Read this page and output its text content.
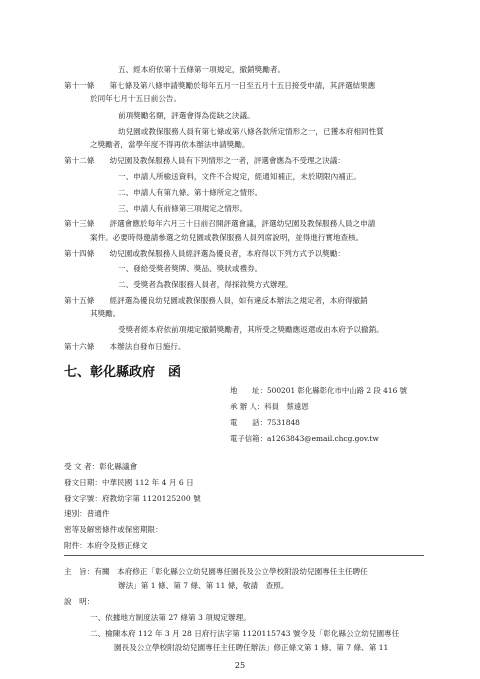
五、經本府依第十五條第一項規定，撤銷獎勵者。
第十一條　　第七條及第八條申請獎勵於每年五月一日至五月十五日接受申請，其評選結果應
於同年七月十五日前公告。
前項獎勵名額，評選會得為從缺之決議。
幼兒園或教保服務人員有第七條或第八條各款所定情形之一，已獲本府相同性質
之獎勵者，當學年度不得再依本辦法申請獎勵。
第十二條　　幼兒園及教保服務人員有下列情形之一者，評選會應為不受理之決議：
一、申請人所檢送資料，文件不合規定，經通知補正，未於期限內補正。
二、申請人有第九條、第十條所定之情形。
三、申請人有前條第三項規定之情形。
第十三條　　評選會應於每年六月三十日前召開評選會議，評選幼兒園及教保服務人員之申請
案件。必要時得邀請參選之幼兒園或教保服務人員列席說明，並得進行實地查核。
第十四條　　幼兒園或教保服務人員經評選為優良者，本府得以下列方式予以獎勵：
一、發給受獎者獎牌、獎品、獎狀或禮券。
二、受獎者為教保服務人員者，得採敘獎方式辦理。
第十五條　　經評選為優良幼兒園或教保服務人員，如有違反本辦法之規定者，本府得撤銷
其獎勵。
受獎者經本府依前項規定撤銷獎勵者，其所受之獎勵應返還或由本府予以撤銷。
第十六條　　本辦法自發布日施行。
七、彰化縣政府　函
地　　址：500201 彰化縣彰化市中山路 2 段 416 號
承 辦 人：科員　蔡遠恩
電　　話：7531848
電子信箱：a1263843@email.chcg.gov.tw
受 文 者：彰化縣議會
發文日期：中華民國 112 年 4 月 6 日
發文字號：府教幼字第 1120125200 號
速別：普通件
密等及解密條件或保密期限：
附件：本府令及修正條文
主　旨：有關　本府修正「彰化縣公立幼兒園專任園長及公立學校附設幼兒園專任主任聘任
辦法」第 1 條、第 7 條、第 11 條，敬請　查照。
說　明：
一、依據地方制度法第 27 條第 3 項規定辦理。
二、檢陳本府 112 年 3 月 28 日府行法字第 1120115743 號令及「彰化縣公立幼兒園專任
園長及公立學校附設幼兒園專任主任聘任辦法」修正條文第 1 條、第 7 條、第 11
25
